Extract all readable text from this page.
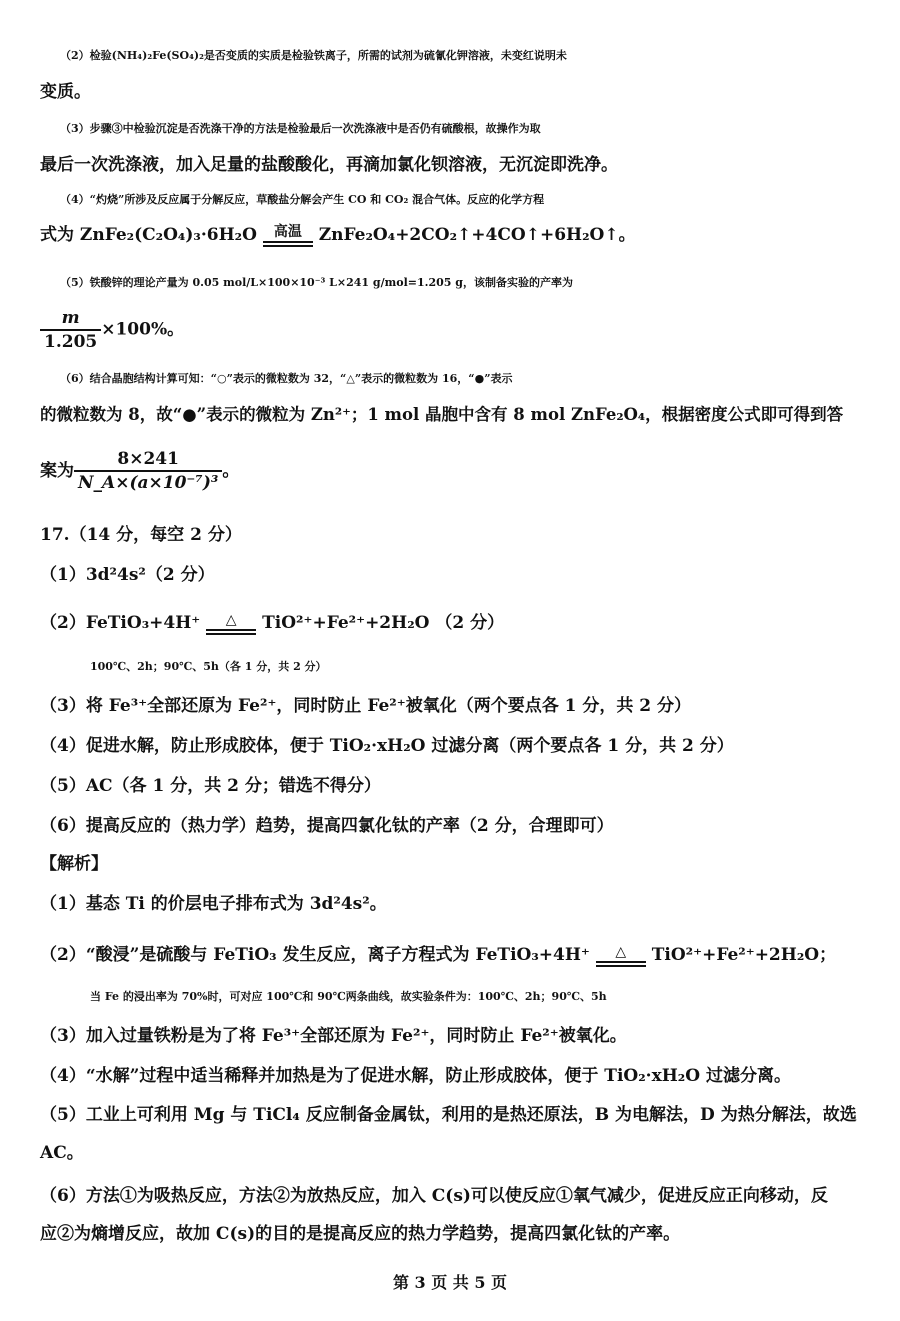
（2）检验(NH₄)₂Fe(SO₄)₂是否变质的实质是检验铁离子，所需的试剂为硫氰化钾溶液，未变红说明未
变质。
（3）步骤③中检验沉淀是否洗涤干净的方法是检验最后一次洗涤液中是否仍有硫酸根，故操作为取
最后一次洗涤液，加入足量的盐酸酸化，再滴加氯化钡溶液，无沉淀即洗净。
（4）“灼烧”所涉及反应属于分解反应，草酸盐分解会产生 CO 和 CO₂ 混合气体。反应的化学方程
式为 ZnFe₂(C₂O₄)₃·6H₂O	高温 ZnFe₂O₄+2CO₂↑+4CO↑+6H₂O↑。
（5）铁酸锌的理论产量为 0.05 mol/L×100×10⁻³ L×241 g/mol=1.205 g，该制备实验的产率为
$\frac{m}{1.205} \times 100\%$。
（6）结合晶胞结构计算可知：“○”表示的微粒数为 32，“△”表示的微粒数为 16，“●”表示
的微粒数为 8，故“●”表示的微粒为 Zn²⁺；1 mol 晶胞中含有 8 mol ZnFe₂O₄，根据密度公式即可得到答
案为 $\frac{8\times 241}{\text{N\_A×(a×10⁻⁷)³}}$ 。
17.（14 分，每空 2 分）
（1）3d²4s²（2 分）
（2）FeTiO₃+4H⁺	△	TiO²⁺+Fe²⁺+2H₂O （2 分）
100℃、2h；90℃、5h（各 1 分，共 2 分）
（3）将 Fe³⁺全部还原为 Fe²⁺，同时防止 Fe²⁺被氧化（两个要点各 1 分，共 2 分）
（4）促进水解，防止形成胶体，便于 TiO₂·xH₂O 过滤分离（两个要点各 1 分，共 2 分）
（5）AC（各 1 分，共 2 分；错选不得分）
（6）提高反应的（热力学）趋势，提高四氯化钛的产率（2 分，合理即可）
【解析】
（1）基态 Ti 的价层电子排布式为 3d²4s²。
（2）“酸浸”是硫酸与 FeTiO₃ 发生反应，离子方程式为 FeTiO₃+4H⁺	△	TiO²⁺+Fe²⁺+2H₂O；
当 Fe 的浸出率为 70%时，可对应 100℃和 90℃两条曲线，故实验条件为：100℃、2h；90℃、5h
（3）加入过量铁粉是为了将 Fe³⁺全部还原为 Fe²⁺，同时防止 Fe²⁺被氧化。
（4）“水解”过程中适当稀释并加热是为了促进水解，防止形成胶体，便于 TiO₂·xH₂O 过滤分离。
（5）工业上可利用 Mg 与 TiCl₄ 反应制备金属钛，利用的是热还原法，B 为电解法，D 为热分解法，故选
AC。
（6）方法①为吸热反应，方法②为放热反应，加入 C(s)可以使反应①氧气减少，促进反应正向移动，反
应②为熵增反应，故加 C(s)的目的是提高反应的热力学趋势，提高四氯化钛的产率。
第 3 页 共 5 页
